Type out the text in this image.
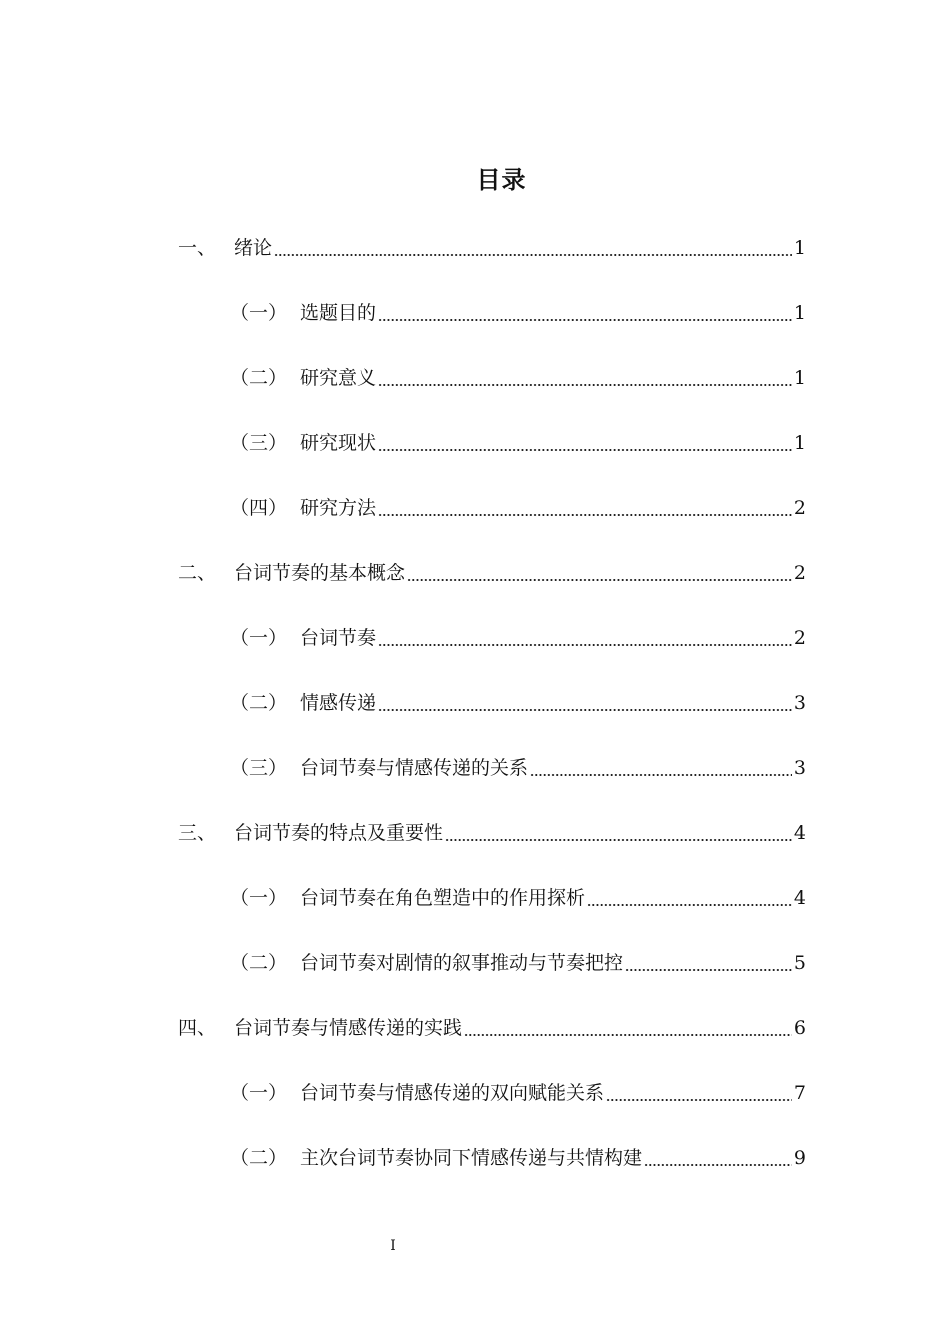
目录
一、 绪论	1
（一） 选题目的	1
（二） 研究意义	1
（三） 研究现状	1
（四） 研究方法	2
二、 台词节奏的基本概念	2
（一） 台词节奏	2
（二） 情感传递	3
（三） 台词节奏与情感传递的关系	3
三、 台词节奏的特点及重要性	4
（一） 台词节奏在角色塑造中的作用探析	4
（二） 台词节奏对剧情的叙事推动与节奏把控	5
四、 台词节奏与情感传递的实践	6
（一） 台词节奏与情感传递的双向赋能关系	7
（二） 主次台词节奏协同下情感传递与共情构建	9
I
